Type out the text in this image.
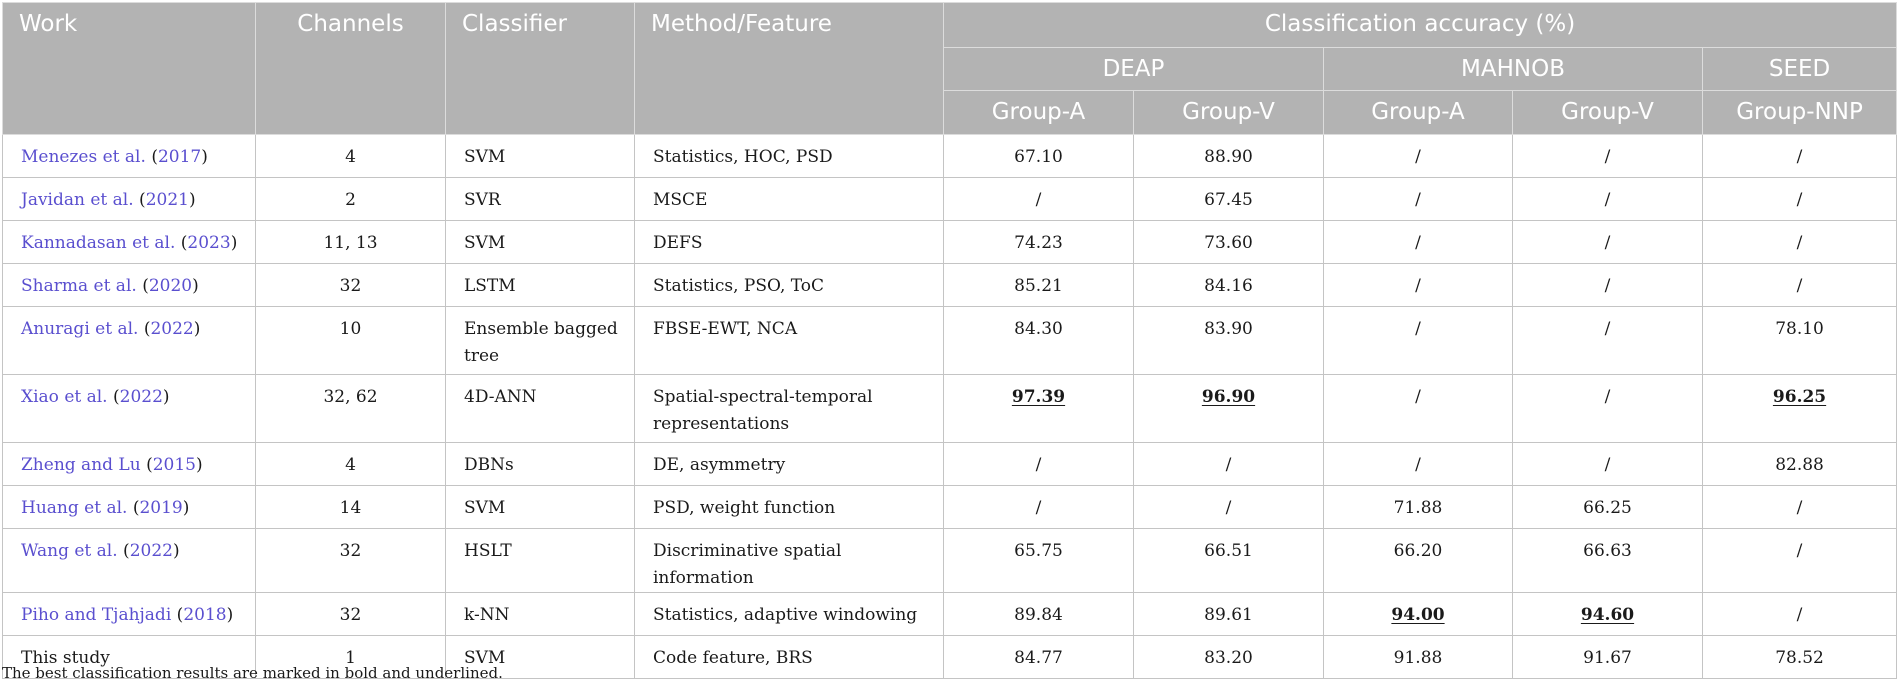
Work	Channels	Classifier	Method/Feature	Classification accuracy (%)				
				DEAP		MAHNOB		SEED
				Group-A	Group-V	Group-A	Group-V	Group-NNP
Menezes et al. (2017)	4	SVM	Statistics, HOC, PSD	67.10	88.90	/	/	/
Javidan et al. (2021)	2	SVR	MSCE	/	67.45	/	/	/
Kannadasan et al. (2023)	11, 13	SVM	DEFS	74.23	73.60	/	/	/
Sharma et al. (2020)	32	LSTM	Statistics, PSO, ToC	85.21	84.16	/	/	/
Anuragi et al. (2022)	10	Ensemble bagged tree	FBSE-EWT, NCA	84.30	83.90	/	/	78.10
Xiao et al. (2022)	32, 62	4D-ANN	Spatial-spectral-temporal representations	97.39	96.90	/	/	96.25
Zheng and Lu (2015)	4	DBNs	DE, asymmetry	/	/	/	/	82.88
Huang et al. (2019)	14	SVM	PSD, weight function	/	/	71.88	66.25	/
Wang et al. (2022)	32	HSLT	Discriminative spatial information	65.75	66.51	66.20	66.63	/
Piho and Tjahjadi (2018)	32	k-NN	Statistics, adaptive windowing	89.84	89.61	94.00	94.60	/
This study	1	SVM	Code feature, BRS	84.77	83.20	91.88	91.67	78.52
The best classification results are marked in bold and underlined.
